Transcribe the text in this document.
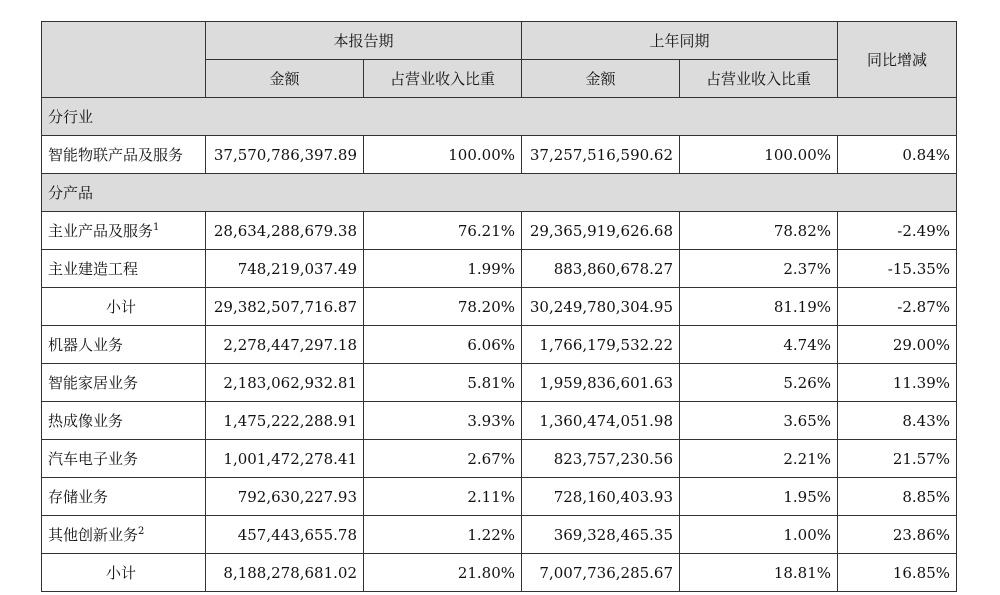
	本报告期		上年同期		同比增减
	金额	占营业收入比重	金额	占营业收入比重	
分行业					
智能物联产品及服务	37,570,786,397.89	100.00%	37,257,516,590.62	100.00%	0.84%
分产品					
主业产品及服务$^1$	28,634,288,679.38	76.21%	29,365,919,626.68	78.82%	-2.49%
主业建造工程	748,219,037.49	1.99%	883,860,678.27	2.37%	-15.35%
小计	29,382,507,716.87	78.20%	30,249,780,304.95	81.19%	-2.87%
机器人业务	2,278,447,297.18	6.06%	1,766,179,532.22	4.74%	29.00%
智能家居业务	2,183,062,932.81	5.81%	1,959,836,601.63	5.26%	11.39%
热成像业务	1,475,222,288.91	3.93%	1,360,474,051.98	3.65%	8.43%
汽车电子业务	1,001,472,278.41	2.67%	823,757,230.56	2.21%	21.57%
存储业务	792,630,227.93	2.11%	728,160,403.93	1.95%	8.85%
其他创新业务$^2$	457,443,655.78	1.22%	369,328,465.35	1.00%	23.86%
小计	8,188,278,681.02	21.80%	7,007,736,285.67	18.81%	16.85%
